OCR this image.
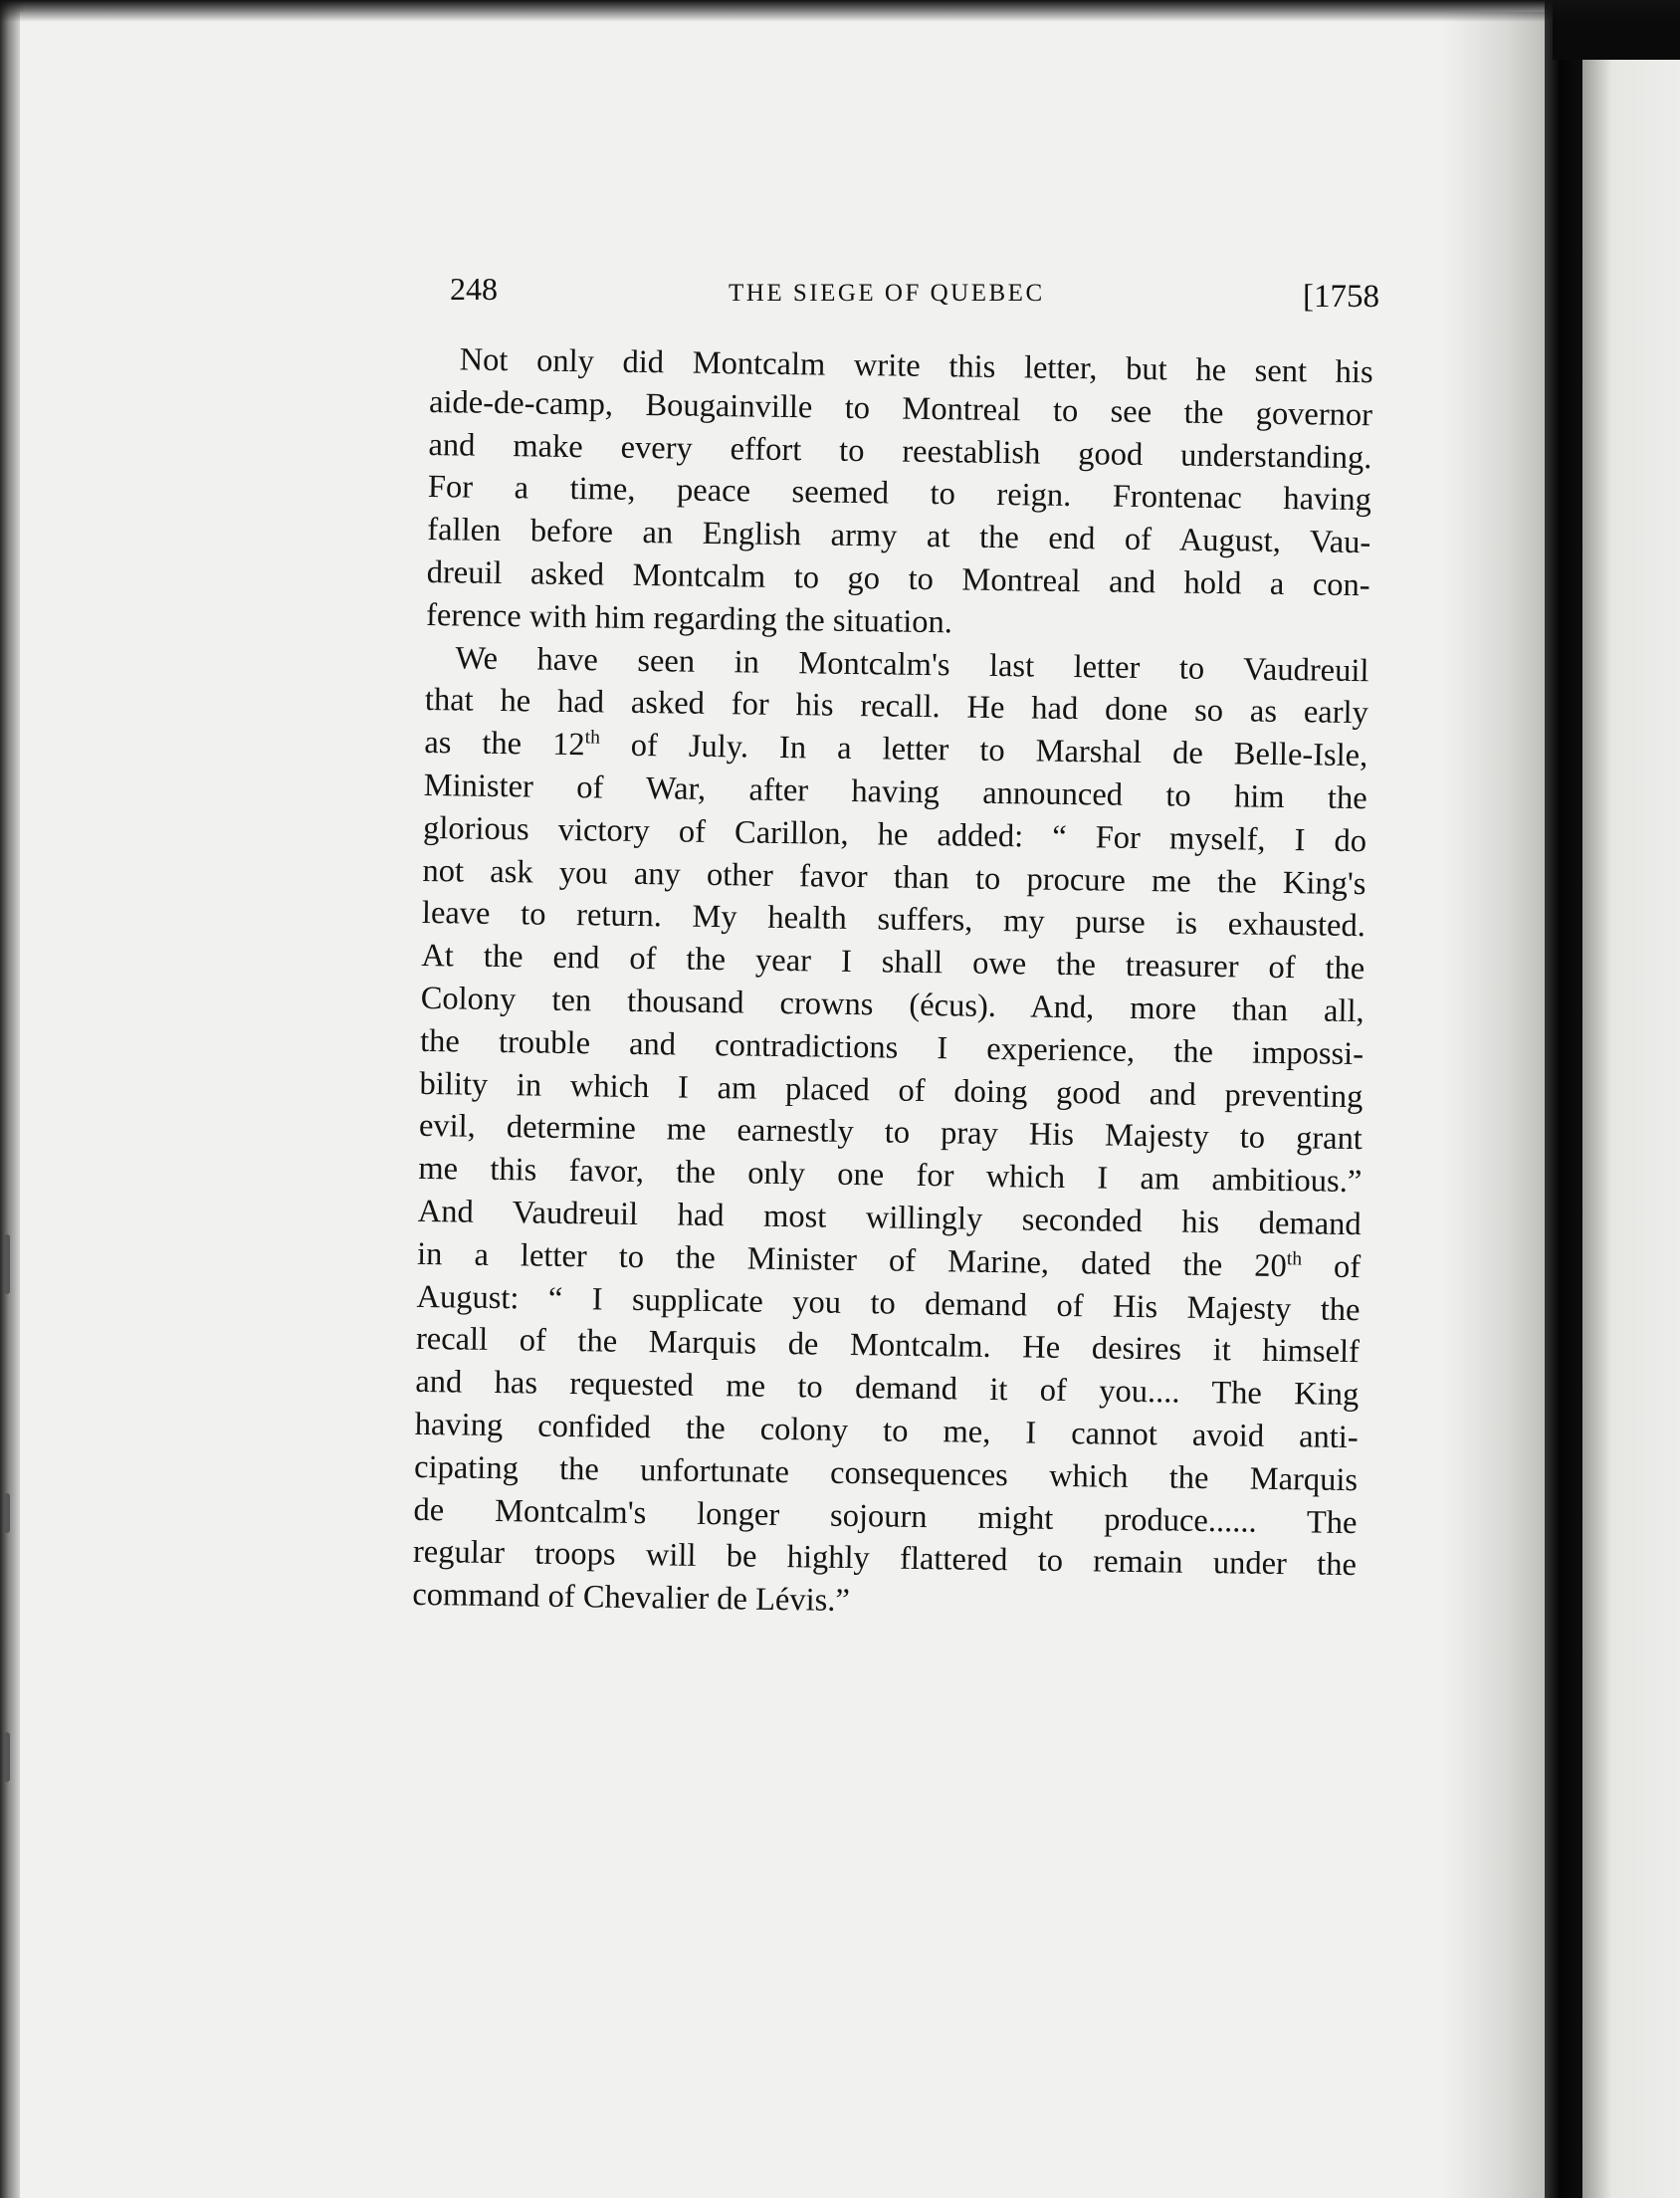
248	THE SIEGE OF QUEBEC	[1758
Not only did Montcalm write this letter, but he sent his
aide-de-camp, Bougainville to Montreal to see the governor
and make every effort to reestablish good understanding.
For a time, peace seemed to reign. Frontenac having
fallen before an English army at the end of August, Vau-
dreuil asked Montcalm to go to Montreal and hold a con-
ference with him regarding the situation.
We have seen in Montcalm's last letter to Vaudreuil
that he had asked for his recall. He had done so as early
as the 12th of July. In a letter to Marshal de Belle-Isle,
Minister of War, after having announced to him the
glorious victory of Carillon, he added: “ For myself, I do
not ask you any other favor than to procure me the King's
leave to return. My health suffers, my purse is exhausted.
At the end of the year I shall owe the treasurer of the
Colony ten thousand crowns (écus). And, more than all,
the trouble and contradictions I experience, the impossi-
bility in which I am placed of doing good and preventing
evil, determine me earnestly to pray His Majesty to grant
me this favor, the only one for which I am ambitious.”
And Vaudreuil had most willingly seconded his demand
in a letter to the Minister of Marine, dated the 20th of
August: “ I supplicate you to demand of His Majesty the
recall of the Marquis de Montcalm. He desires it himself
and has requested me to demand it of you.... The King
having confided the colony to me, I cannot avoid anti-
cipating the unfortunate consequences which the Marquis
de Montcalm's longer sojourn might produce...... The
regular troops will be highly flattered to remain under the
command of Chevalier de Lévis.”
